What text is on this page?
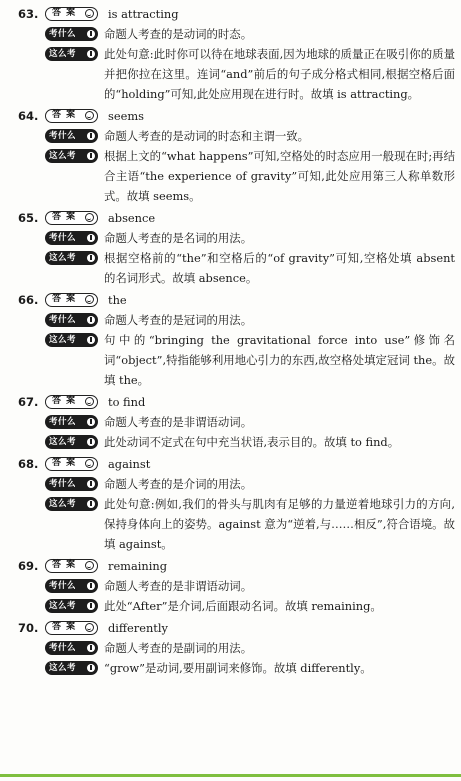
63.	答 案	is attracting
考什么	命题人考查的是动词的时态。
这么考	此处句意:此时你可以待在地球表面,因为地球的质量正在吸引你的质量并把你拉在这里。连词“and”前后的句子成分格式相同,根据空格后面的“holding”可知,此处应用现在进行时。故填 is attracting。
64.	答 案	seems
考什么	命题人考查的是动词的时态和主谓一致。
这么考	根据上文的“what happens”可知,空格处的时态应用一般现在时;再结合主语“the experience of gravity”可知,此处应用第三人称单数形式。故填 seems。
65.	答 案	absence
考什么	命题人考查的是名词的用法。
这么考	根据空格前的“the”和空格后的“of gravity”可知,空格处填 absent 的名词形式。故填 absence。
66.	答 案	the
考什么	命题人考查的是冠词的用法。
这么考	句中的“bringing the gravitational force into use”修饰名词“object”,特指能够利用地心引力的东西,故空格处填定冠词 the。故填 the。
67.	答 案	to find
考什么	命题人考查的是非谓语动词。
这么考	此处动词不定式在句中充当状语,表示目的。故填 to find。
68.	答 案	against
考什么	命题人考查的是介词的用法。
这么考	此处句意:例如,我们的骨头与肌肉有足够的力量逆着地球引力的方向,保持身体向上的姿势。against 意为“逆着,与……相反”,符合语境。故填 against。
69.	答 案	remaining
考什么	命题人考查的是非谓语动词。
这么考	此处“After”是介词,后面跟动名词。故填 remaining。
70.	答 案	differently
考什么	命题人考查的是副词的用法。
这么考	“grow”是动词,要用副词来修饰。故填 differently。
